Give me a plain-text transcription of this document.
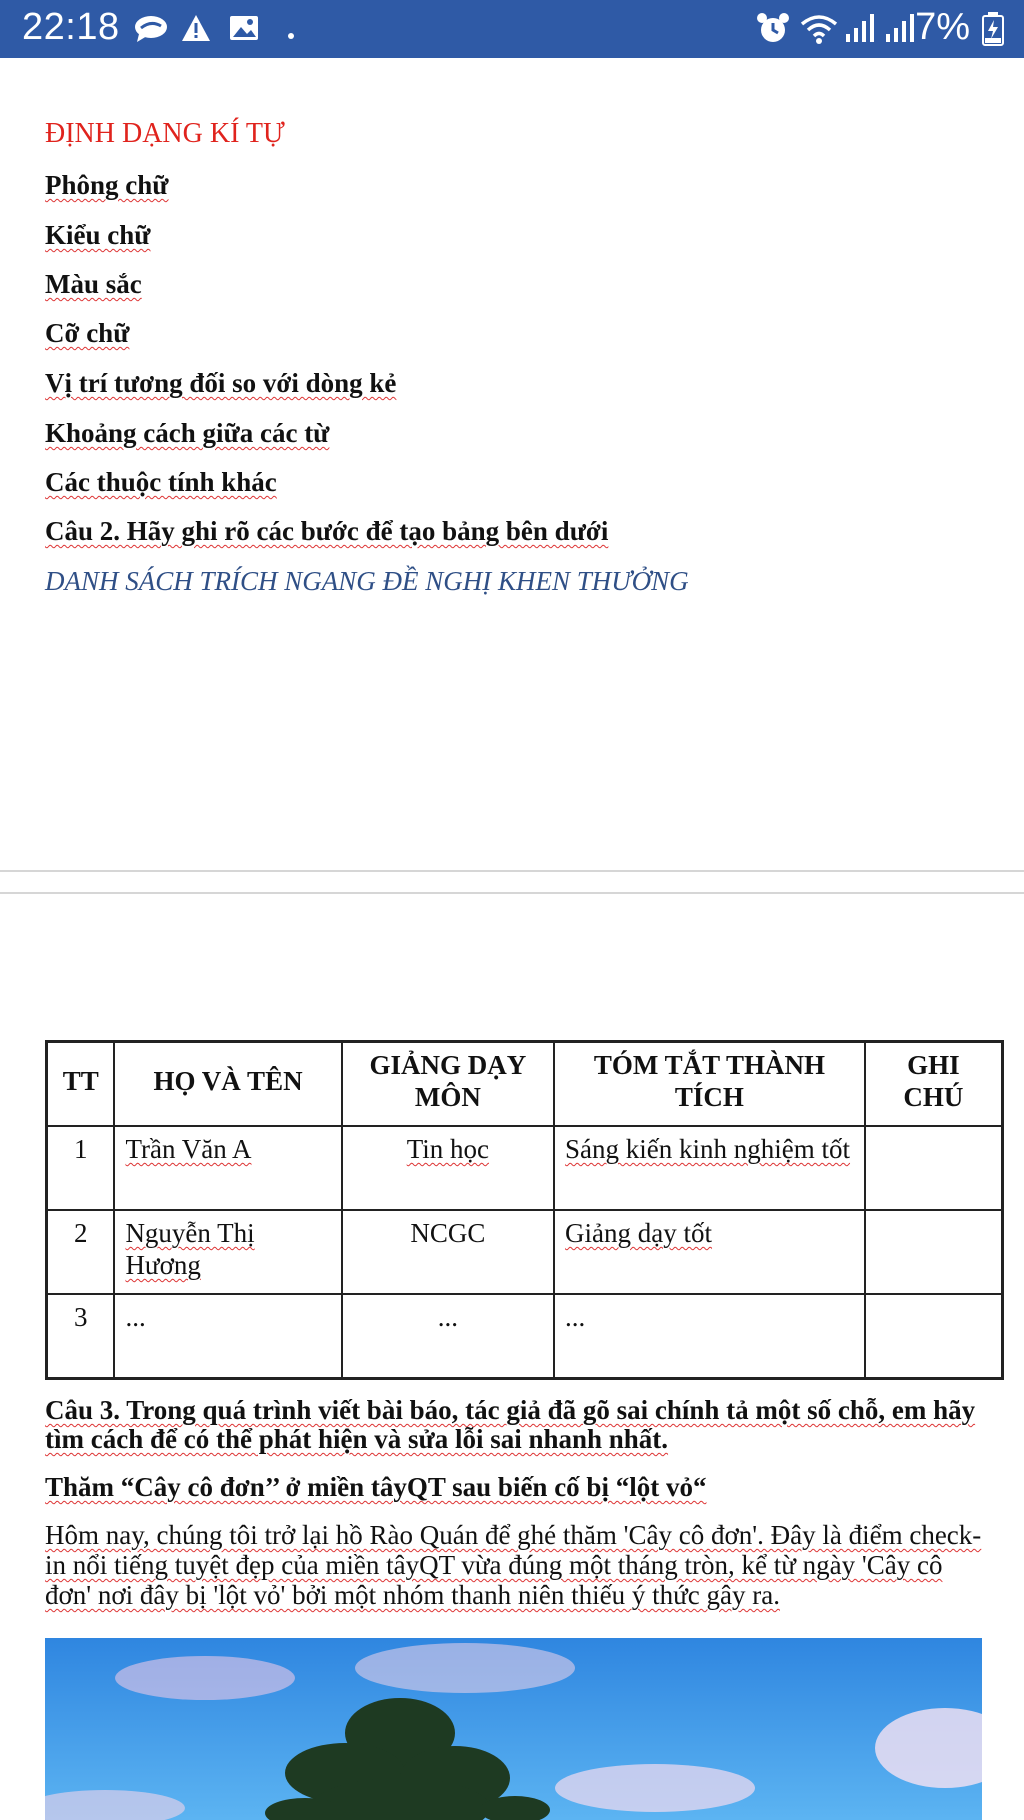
22:18	7%
ĐỊNH DẠNG KÍ TỰ
Phông chữ
Kiểu chữ
Màu sắc
Cỡ chữ
Vị trí tương đối so với dòng kẻ
Khoảng cách giữa các từ
Các thuộc tính khác
Câu 2. Hãy ghi rõ các bước để tạo bảng bên dưới
DANH SÁCH TRÍCH NGANG ĐỀ NGHỊ KHEN THƯỞNG
TT	HỌ VÀ TÊN	GIẢNG DẠY MÔN	TÓM TẮT THÀNH TÍCH	GHI CHÚ
1	Trần Văn A	Tin học	Sáng kiến kinh nghiệm tốt	
2	Nguyễn Thị Hương	NCGC	Giảng dạy tốt	
3	...	...	...	
Câu 3. Trong quá trình viết bài báo, tác giả đã gõ sai chính tả một số chỗ, em hãy tìm cách để có thể phát hiện và sửa lỗi sai nhanh nhất.
Thăm “Cây cô đơn’’ ở miền tâyQT sau biến cố bị “lột vỏ“
Hôm nay, chúng tôi trở lại hồ Rào Quán để ghé thăm 'Cây cô đơn'. Đây là điểm check-in nổi tiếng tuyệt đẹp của miền tâyQT vừa đúng một tháng tròn, kể từ ngày 'Cây cô đơn' nơi đây bị 'lột vỏ' bởi một nhóm thanh niên thiếu ý thức gây ra.
